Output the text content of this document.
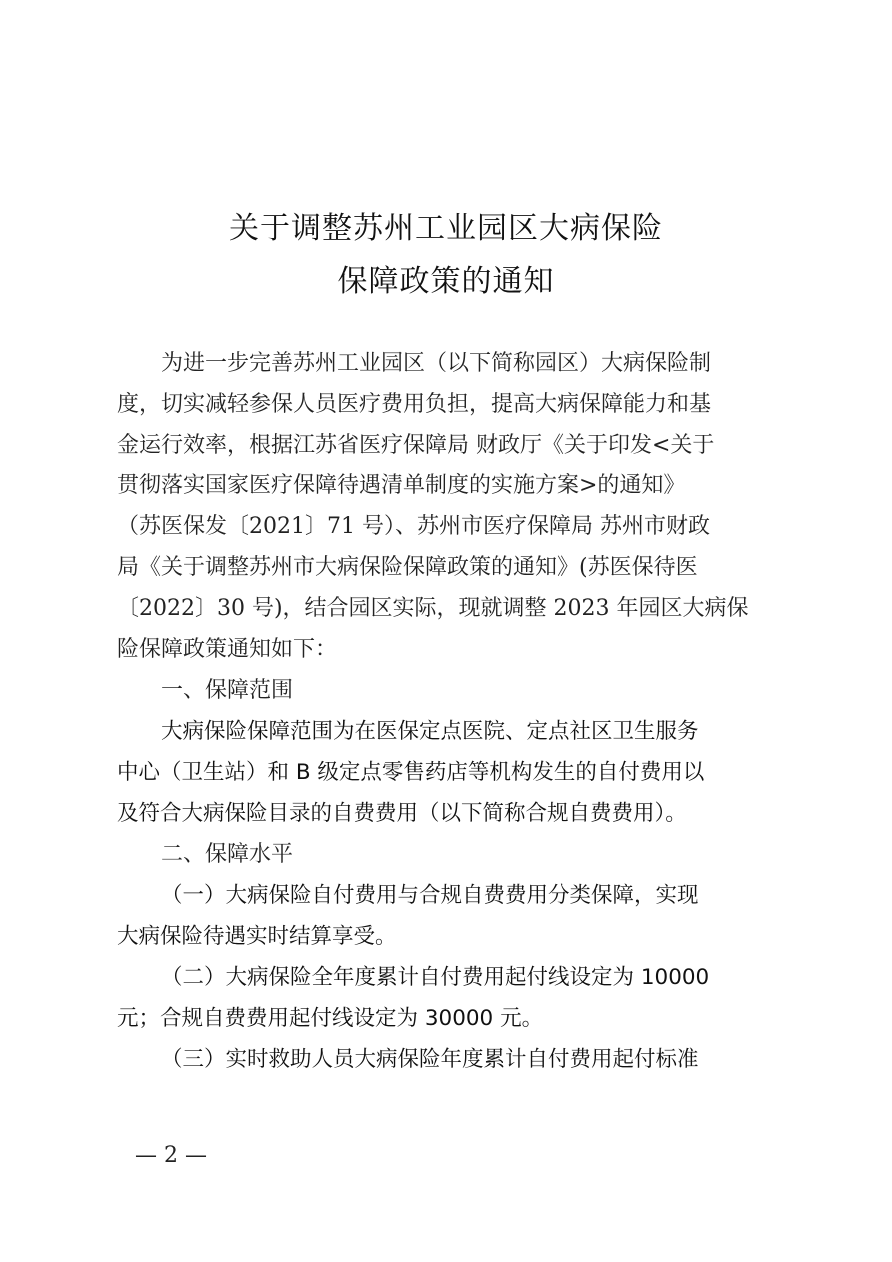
关于调整苏州工业园区大病保险
保障政策的通知
为进一步完善苏州工业园区（以下简称园区）大病保险制
度，切实减轻参保人员医疗费用负担，提高大病保障能力和基
金运行效率，根据江苏省医疗保障局 财政厅《关于印发<关于
贯彻落实国家医疗保障待遇清单制度的实施方案>的通知》
（苏医保发〔2021〕71 号）、苏州市医疗保障局 苏州市财政
局《关于调整苏州市大病保险保障政策的通知》(苏医保待医
〔2022〕30 号)，结合园区实际，现就调整 2023 年园区大病保
险保障政策通知如下：
一、保障范围
大病保险保障范围为在医保定点医院、定点社区卫生服务
中心（卫生站）和 B 级定点零售药店等机构发生的自付费用以
及符合大病保险目录的自费费用（以下简称合规自费费用）。
二、保障水平
（一）大病保险自付费用与合规自费费用分类保障，实现
大病保险待遇实时结算享受。
（二）大病保险全年度累计自付费用起付线设定为 10000
元；合规自费费用起付线设定为 30000 元。
（三）实时救助人员大病保险年度累计自付费用起付标准
— 2 —
